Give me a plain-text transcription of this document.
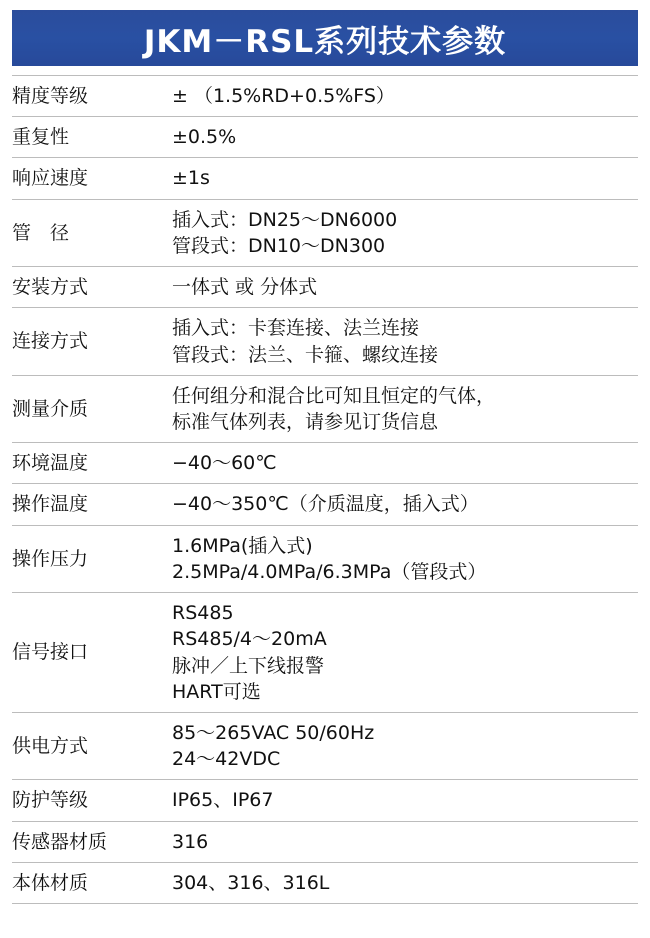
JKM－RSL系列技术参数
精度等级	± （1.5%RD+0.5%FS）

重复性	±0.5%

响应速度	±1s

管　径	插入式：DN25～DN6000
管段式：DN10～DN300

安装方式	一体式 或 分体式

连接方式	插入式：卡套连接、法兰连接
管段式：法兰、卡箍、螺纹连接

测量介质	任何组分和混合比可知且恒定的气体，
标准气体列表，请参见订货信息

环境温度	−40～60℃

操作温度	−40～350℃（介质温度，插入式）

操作压力	1.6MPa(插入式)
2.5MPa/4.0MPa/6.3MPa（管段式）

信号接口	RS485
RS485/4～20mA
脉冲／上下线报警
HART可选

供电方式	85～265VAC 50/60Hz
24～42VDC

防护等级	IP65、IP67

传感器材质	316

本体材质	304、316、316L
